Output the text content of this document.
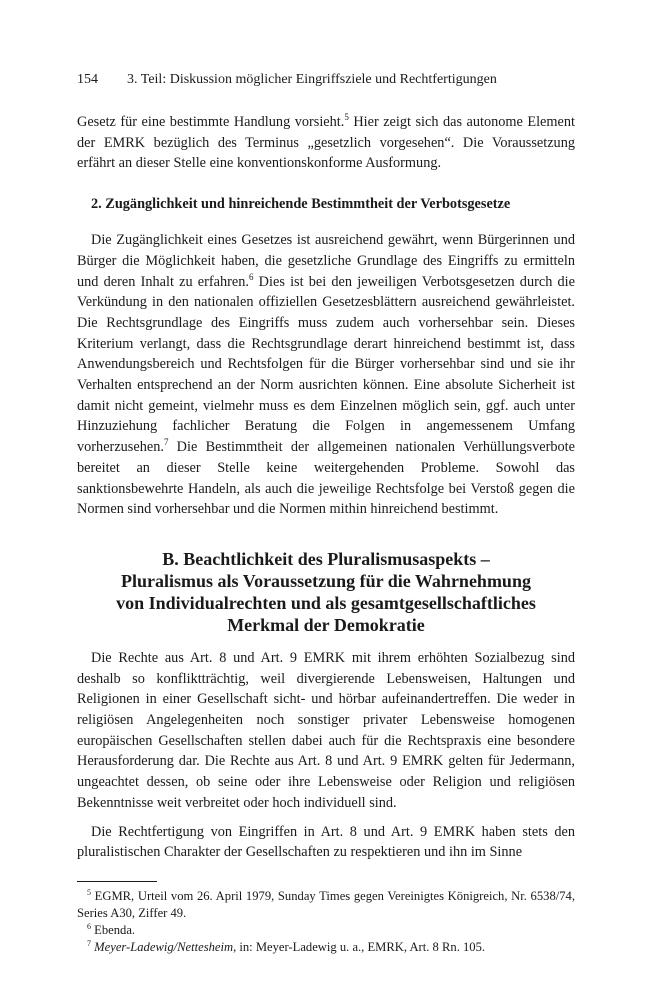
154 3. Teil: Diskussion möglicher Eingriffsziele und Rechtfertigungen

Gesetz für eine bestimmte Handlung vorsieht.$^5$ Hier zeigt sich das autonome Element der EMRK bezüglich des Terminus „gesetzlich vorgesehen“. Die Voraussetzung erfährt an dieser Stelle eine konventionskonforme Ausformung.

2. Zugänglichkeit und hinreichende Bestimmtheit der Verbotsgesetze

Die Zugänglichkeit eines Gesetzes ist ausreichend gewährt, wenn Bürgerinnen und Bürger die Möglichkeit haben, die gesetzliche Grundlage des Eingriffs zu ermitteln und deren Inhalt zu erfahren.$^6$ Dies ist bei den jeweiligen Verbotsgesetzen durch die Verkündung in den nationalen offiziellen Gesetzesblättern ausreichend gewährleistet. Die Rechtsgrundlage des Eingriffs muss zudem auch vorhersehbar sein. Dieses Kriterium verlangt, dass die Rechtsgrundlage derart hinreichend bestimmt ist, dass Anwendungsbereich und Rechtsfolgen für die Bürger vorhersehbar sind und sie ihr Verhalten entsprechend an der Norm ausrichten können. Eine absolute Sicherheit ist damit nicht gemeint, vielmehr muss es dem Einzelnen möglich sein, ggf. auch unter Hinzuziehung fachlicher Beratung die Folgen in angemessenem Umfang vorherzusehen.$^7$ Die Bestimmtheit der allgemeinen nationalen Verhüllungsverbote bereitet an dieser Stelle keine weitergehenden Probleme. Sowohl das sanktionsbewehrte Handeln, als auch die jeweilige Rechtsfolge bei Verstoß gegen die Normen sind vorhersehbar und die Normen mithin hinreichend bestimmt.

B. Beachtlichkeit des Pluralismusaspekts –
Pluralismus als Voraussetzung für die Wahrnehmung
von Individualrechten und als gesamtgesellschaftliches
Merkmal der Demokratie

Die Rechte aus Art. 8 und Art. 9 EMRK mit ihrem erhöhten Sozialbezug sind deshalb so konfliktträchtig, weil divergierende Lebensweisen, Haltungen und Religionen in einer Gesellschaft sicht- und hörbar aufeinandertreffen. Die weder in religiösen Angelegenheiten noch sonstiger privater Lebensweise homogenen europäischen Gesellschaften stellen dabei auch für die Rechtspraxis eine besondere Herausforderung dar. Die Rechte aus Art. 8 und Art. 9 EMRK gelten für Jedermann, ungeachtet dessen, ob seine oder ihre Lebensweise oder Religion und religiösen Bekenntnisse weit verbreitet oder hoch individuell sind.

Die Rechtfertigung von Eingriffen in Art. 8 und Art. 9 EMRK haben stets den pluralistischen Charakter der Gesellschaften zu respektieren und ihn im Sinne

$^5$ EGMR, Urteil vom 26. April 1979, Sunday Times gegen Vereinigtes Königreich, Nr. 6538/74, Series A30, Ziffer 49.
$^6$ Ebenda.
$^7$ Meyer-Ladewig/Nettesheim, in: Meyer-Ladewig u. a., EMRK, Art. 8 Rn. 105.
